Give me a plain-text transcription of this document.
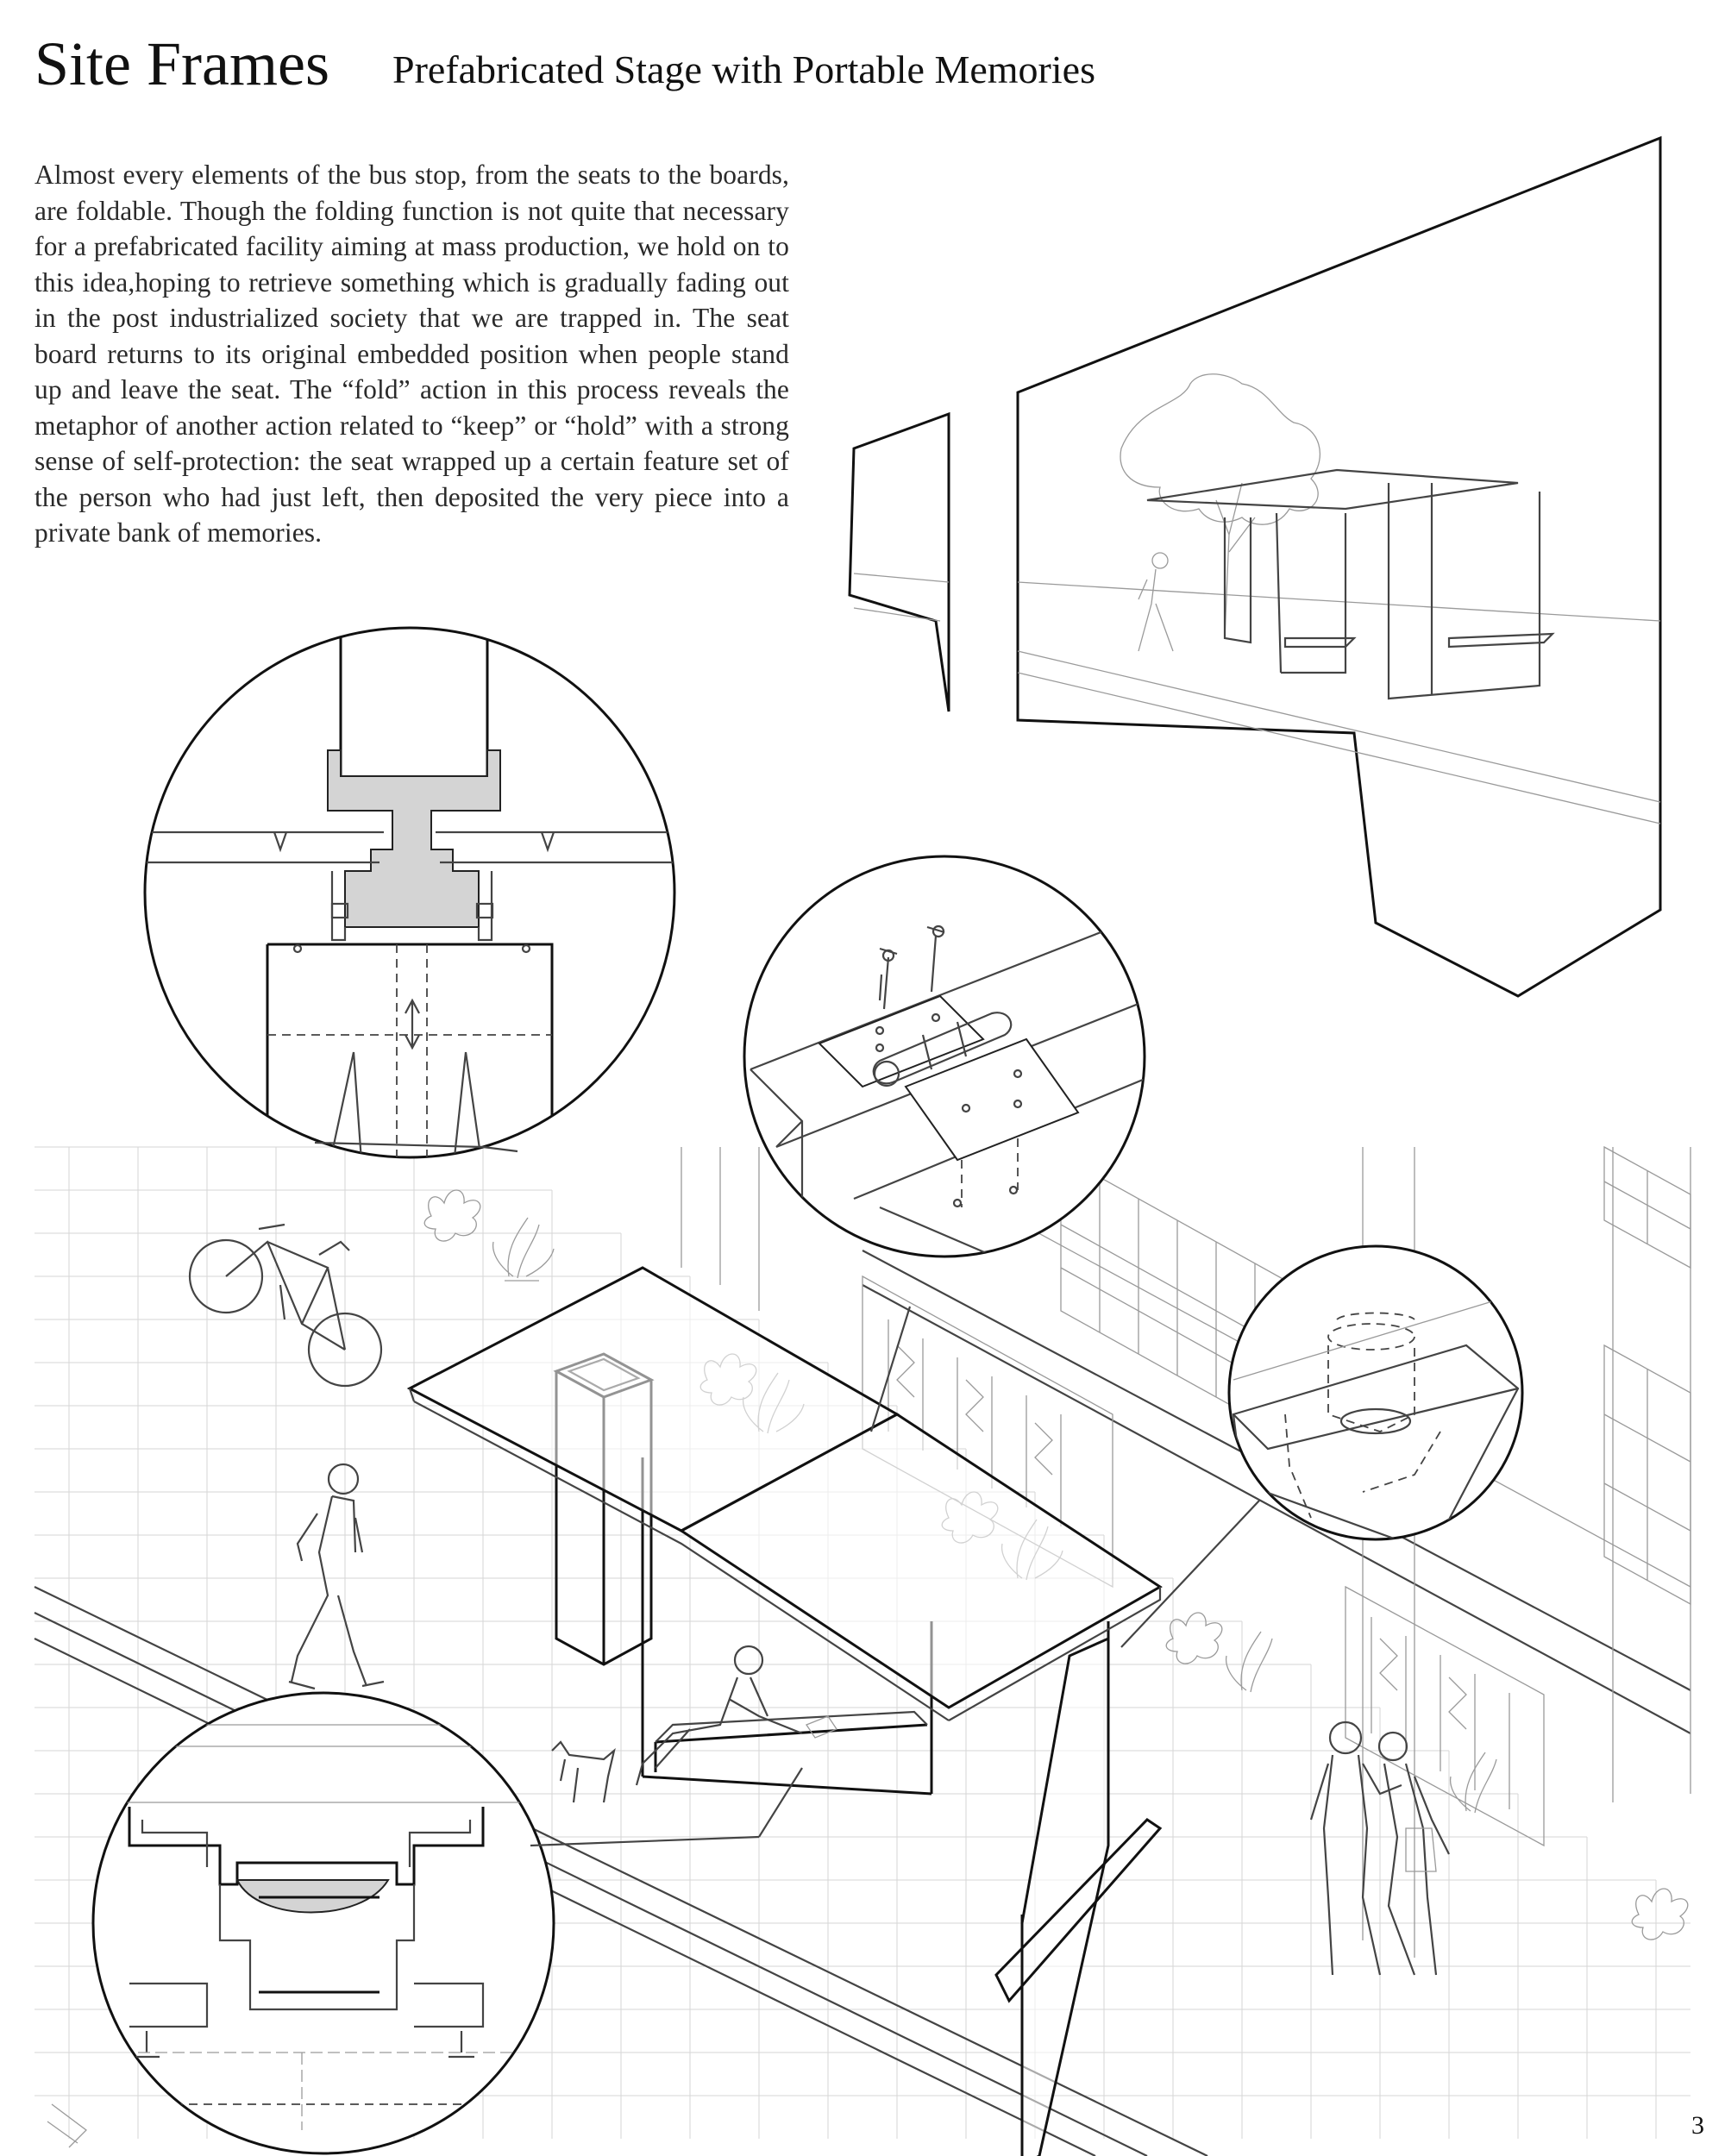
Site Frames Prefabricated Stage with Portable Memories

Almost every elements of the bus stop, from the seats to the boards, are foldable. Though the folding function is not quite that necessary for a prefabricated facility aiming at mass production, we hold on to this idea,hoping to retrieve something which is gradually fading out in the post industrialized society that we are trapped in. The seat board returns to its original embedded position when people stand up and leave the seat. The “fold” action in this process reveals the metaphor of another action related to “keep” or “hold” with a strong sense of self-protection: the seat wrapped up a certain feature set of the person who had just left, then deposited the very piece into a private bank of memories.

3
